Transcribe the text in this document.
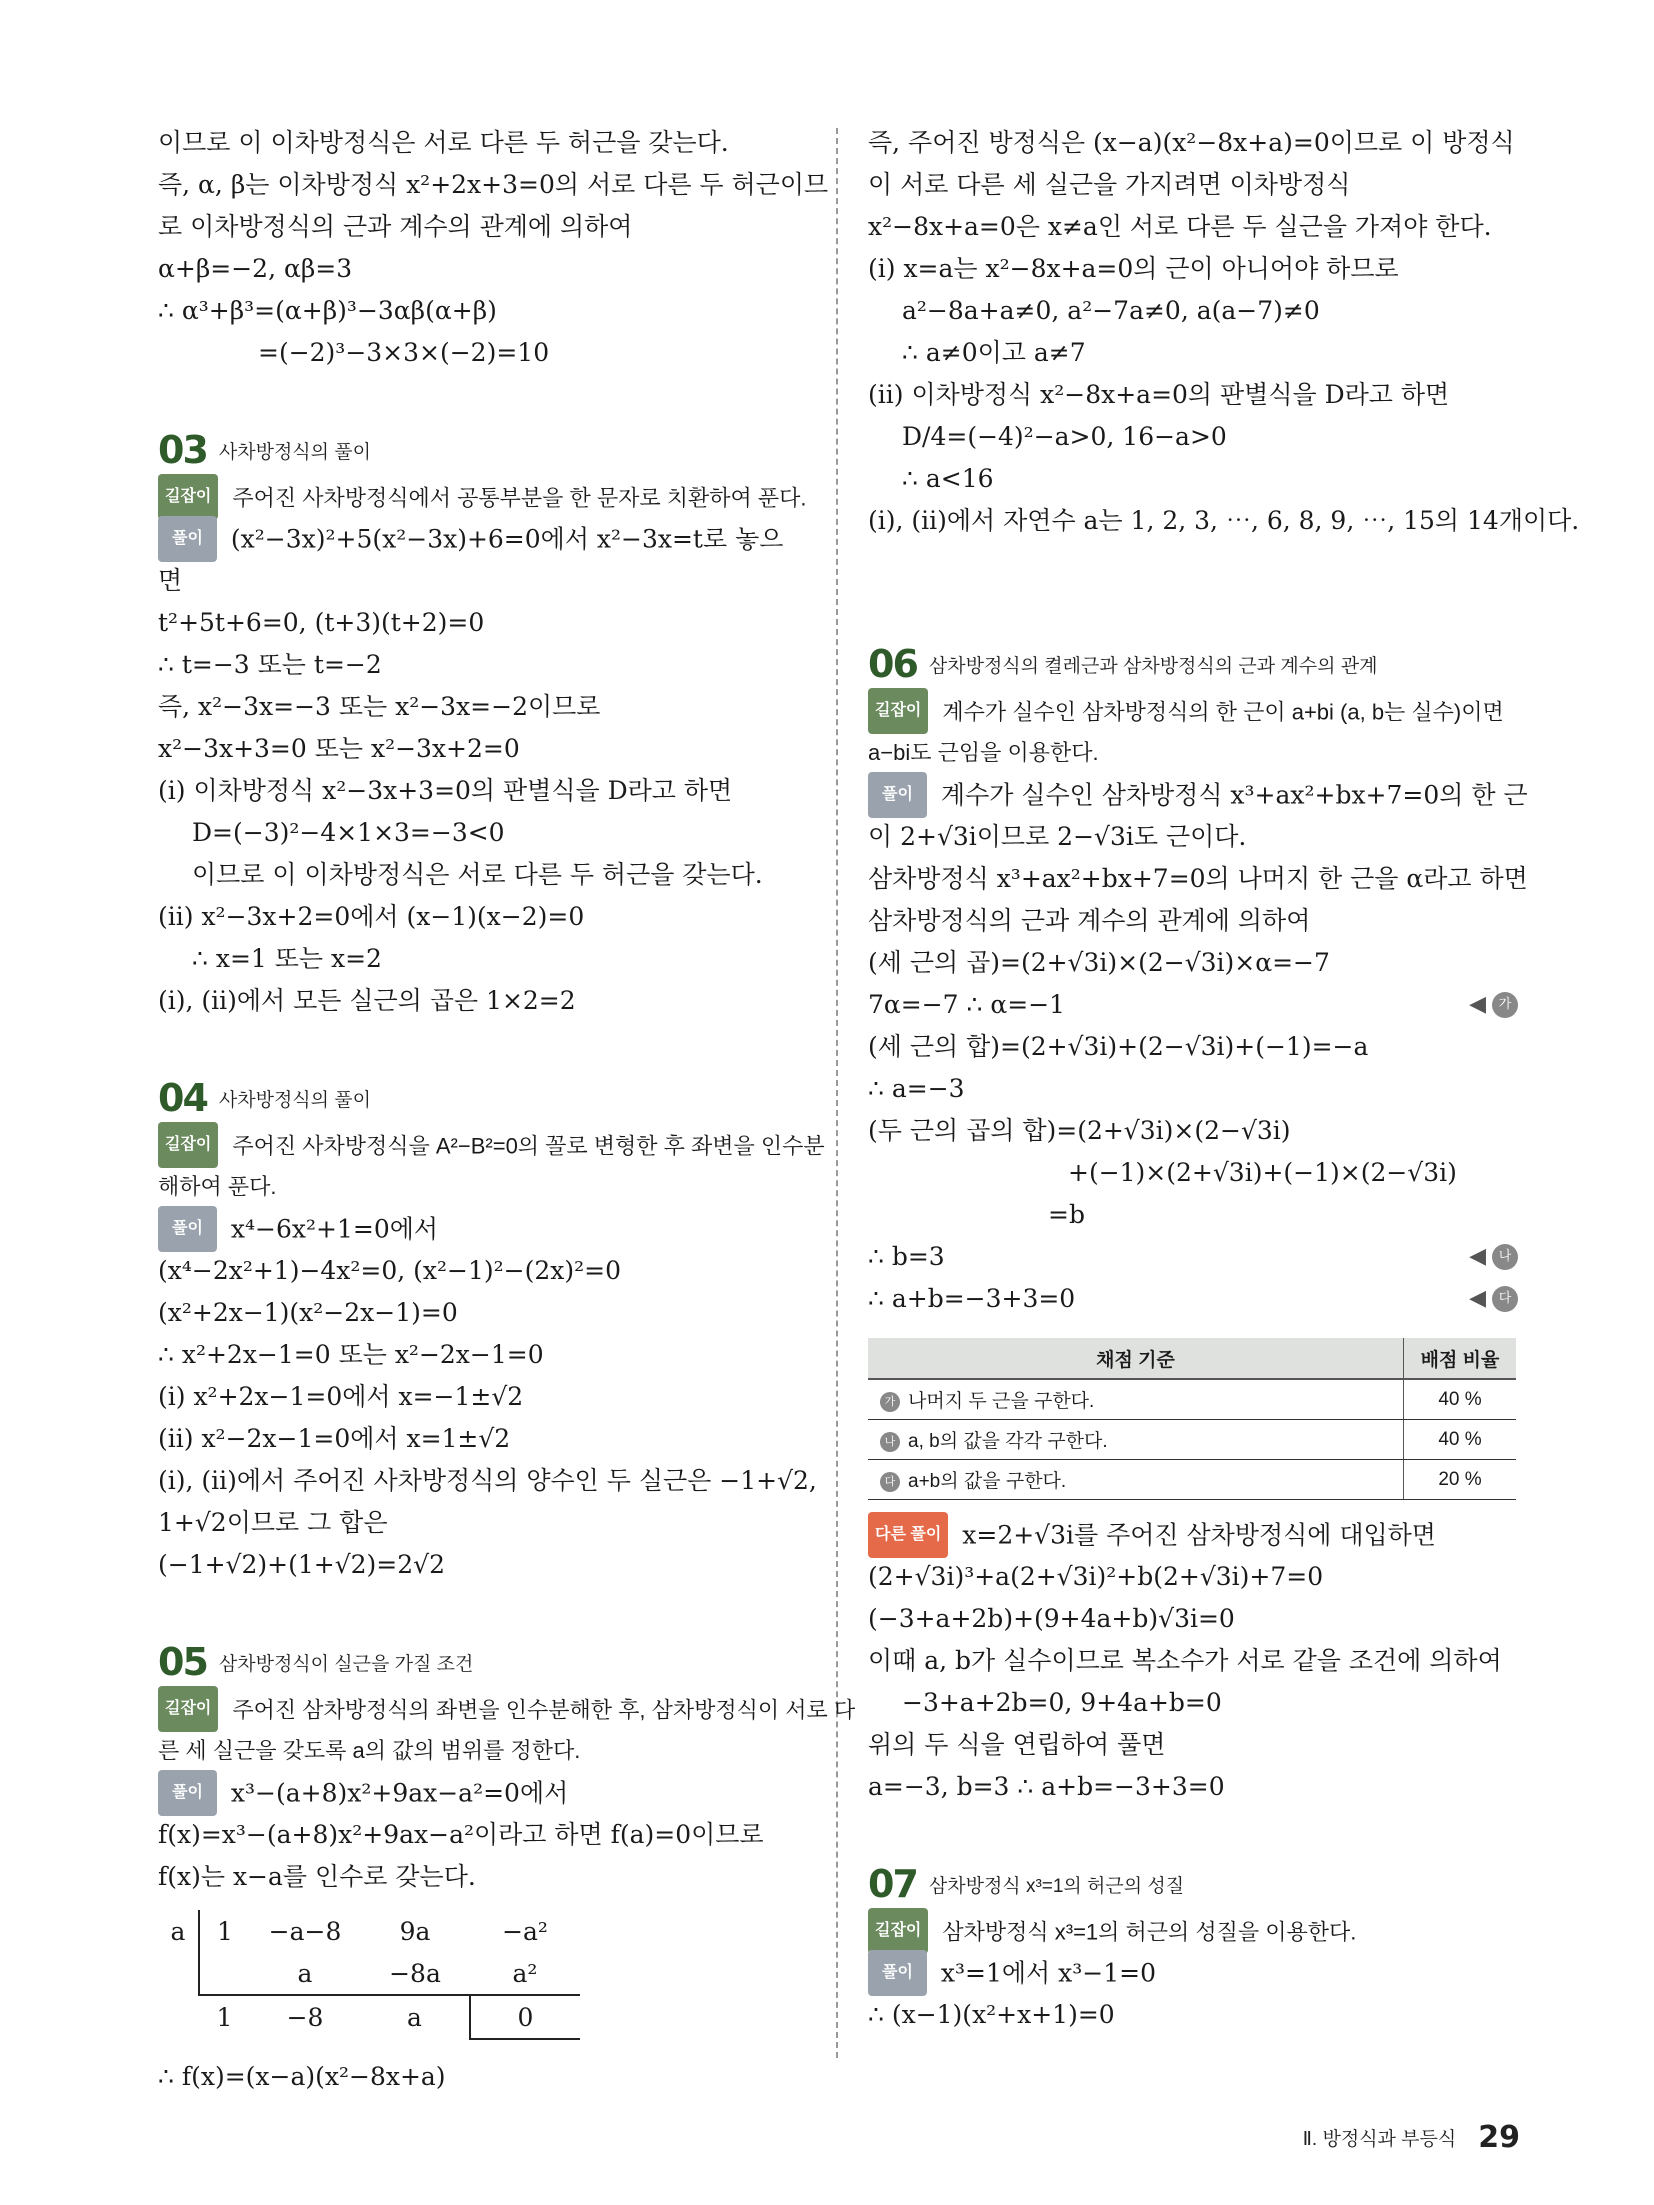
이므로 이 이차방정식은 서로 다른 두 허근을 갖는다.
즉, α, β는 이차방정식 x²+2x+3=0의 서로 다른 두 허근이므
로 이차방정식의 근과 계수의 관계에 의하여
α+β=−2, αβ=3
∴ α³+β³=(α+β)³−3αβ(α+β)
=(−2)³−3×3×(−2)=10
03 사차방정식의 풀이
길잡이 주어진 사차방정식에서 공통부분을 한 문자로 치환하여 푼다.
풀이 (x²−3x)²+5(x²−3x)+6=0에서 x²−3x=t로 놓으
면
t²+5t+6=0, (t+3)(t+2)=0
∴ t=−3 또는 t=−2
즉, x²−3x=−3 또는 x²−3x=−2이므로
x²−3x+3=0 또는 x²−3x+2=0
(i) 이차방정식 x²−3x+3=0의 판별식을 D라고 하면
D=(−3)²−4×1×3=−3<0
이므로 이 이차방정식은 서로 다른 두 허근을 갖는다.
(ii) x²−3x+2=0에서 (x−1)(x−2)=0
∴ x=1 또는 x=2
(i), (ii)에서 모든 실근의 곱은 1×2=2
04 사차방정식의 풀이
길잡이 주어진 사차방정식을 A²−B²=0의 꼴로 변형한 후 좌변을 인수분
해하여 푼다.
풀이 x⁴−6x²+1=0에서
(x⁴−2x²+1)−4x²=0, (x²−1)²−(2x)²=0
(x²+2x−1)(x²−2x−1)=0
∴ x²+2x−1=0 또는 x²−2x−1=0
(i) x²+2x−1=0에서 x=−1±√2
(ii) x²−2x−1=0에서 x=1±√2
(i), (ii)에서 주어진 사차방정식의 양수인 두 실근은 −1+√2,
1+√2이므로 그 합은
(−1+√2)+(1+√2)=2√2
05 삼차방정식이 실근을 가질 조건
길잡이 주어진 삼차방정식의 좌변을 인수분해한 후, 삼차방정식이 서로 다
른 세 실근을 갖도록 a의 값의 범위를 정한다.
풀이 x³−(a+8)x²+9ax−a²=0에서
f(x)=x³−(a+8)x²+9ax−a²이라고 하면 f(a)=0이므로
f(x)는 x−a를 인수로 갖는다.
a	1	−a−8	9a	−a²
		a	−8a	a²
	1	−8	a	0
∴ f(x)=(x−a)(x²−8x+a)
즉, 주어진 방정식은 (x−a)(x²−8x+a)=0이므로 이 방정식
이 서로 다른 세 실근을 가지려면 이차방정식
x²−8x+a=0은 x≠a인 서로 다른 두 실근을 가져야 한다.
(i) x=a는 x²−8x+a=0의 근이 아니어야 하므로
a²−8a+a≠0, a²−7a≠0, a(a−7)≠0
∴ a≠0이고 a≠7
(ii) 이차방정식 x²−8x+a=0의 판별식을 D라고 하면
D/4=(−4)²−a>0, 16−a>0
∴ a<16
(i), (ii)에서 자연수 a는 1, 2, 3, ⋯, 6, 8, 9, ⋯, 15의 14개이다.
06 삼차방정식의 켤레근과 삼차방정식의 근과 계수의 관계
길잡이 계수가 실수인 삼차방정식의 한 근이 a+bi (a, b는 실수)이면
a−bi도 근임을 이용한다.
풀이 계수가 실수인 삼차방정식 x³+ax²+bx+7=0의 한 근
이 2+√3i이므로 2−√3i도 근이다.
삼차방정식 x³+ax²+bx+7=0의 나머지 한 근을 α라고 하면
삼차방정식의 근과 계수의 관계에 의하여
(세 근의 곱)=(2+√3i)×(2−√3i)×α=−7
7α=−7 ∴ α=−1	◀ 가
(세 근의 합)=(2+√3i)+(2−√3i)+(−1)=−a
∴ a=−3
(두 근의 곱의 합)=(2+√3i)×(2−√3i)
+(−1)×(2+√3i)+(−1)×(2−√3i)
=b
∴ b=3	◀ 나
∴ a+b=−3+3=0	◀ 다
채점 기준	배점 비율
가 나머지 두 근을 구한다.	40 %
나 a, b의 값을 각각 구한다.	40 %
다 a+b의 값을 구한다.	20 %
다른 풀이 x=2+√3i를 주어진 삼차방정식에 대입하면
(2+√3i)³+a(2+√3i)²+b(2+√3i)+7=0
(−3+a+2b)+(9+4a+b)√3i=0
이때 a, b가 실수이므로 복소수가 서로 같을 조건에 의하여
−3+a+2b=0, 9+4a+b=0
위의 두 식을 연립하여 풀면
a=−3, b=3 ∴ a+b=−3+3=0
07 삼차방정식 x³=1의 허근의 성질
길잡이 삼차방정식 x³=1의 허근의 성질을 이용한다.
풀이 x³=1에서 x³−1=0
∴ (x−1)(x²+x+1)=0
Ⅱ. 방정식과 부등식 29
